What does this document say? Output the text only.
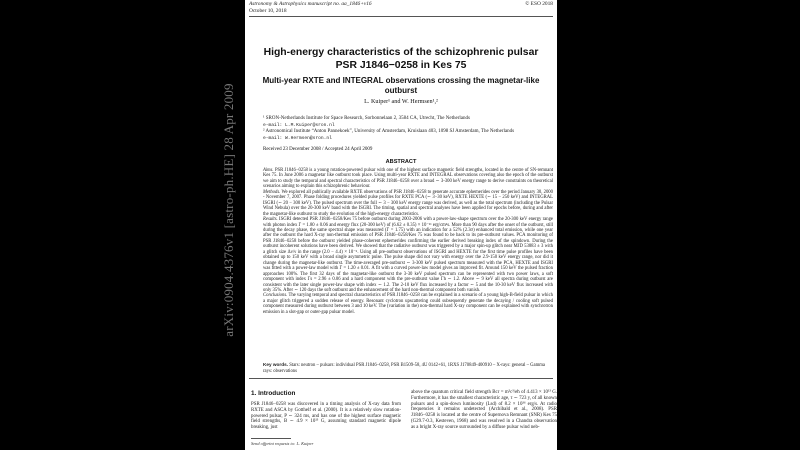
Astronomy & Astrophysics manuscript no. aa_1846+v16
October 10, 2018
© ESO 2018
High-energy characteristics of the schizophrenic pulsar
PSR J1846−0258 in Kes 75
Multi-year RXTE and INTEGRAL observations crossing the magnetar-like outburst
L. Kuiper¹ and W. Hermsen¹,²
¹ SRON-Netherlands Institute for Space Research, Sorbonnelaan 2, 3584 CA, Utrecht, The Netherlands
e-mail: L.M.Kuiper@sron.nl
² Astronomical Institute “Anton Pannekoek”, University of Amsterdam, Kruislaan 403, 1098 SJ Amsterdam, The Netherlands
e-mail: W.Hermsen@sron.nl
Received 23 December 2008 / Accepted 24 April 2009
ABSTRACT

Aims. PSR J1846−0258 is a young rotation-powered pulsar with one of the highest surface magnetic field strengths, located in the centre of SN-remnant Kes 75. In June 2006 a magnetar like outburst took place. Using multi-year RXTE and INTEGRAL observations covering also the epoch of the outburst we aim to study the temporal and spectral characteristics of PSR J1846−0258 over a broad ∼ 3-300 keV energy range to derive constraints on theoretical scenarios aiming to explain this schizophrenic behaviour.

Methods. We explored all publically available RXTE observations of PSR J1846−0258 to generate accurate ephemerides over the period January 30, 2000 - November 7, 2007. Phase folding procedures yielded pulse profiles for RXTE PCA (∼ 3−30 keV), RXTE HEXTE (∼ 15 − 250 keV) and INTEGRAL ISGRI (∼ 20 − 300 keV). The pulsed spectrum over the full ∼ 3 − 300 keV energy range was derived, as well as the total spectrum (including the Pulsar Wind Nebula) over the 20-300 keV band with the ISGRI. The timing, spatial and spectral analyses have been applied for epochs before, during and after the magnetar-like outburst to study the evolution of the high-energy characteristics.

Results. ISGRI detected PSR J1846−0258/Kes 75 before outburst during 2003-2006 with a power-law-shape spectrum over the 20-300 keV energy range with photon index Γ = 1.80 ± 0.06 and energy flux (20-300 keV) of (6.62 ± 0.35) × 10⁻¹¹ erg/cm²s. More than 90 days after the onset of the outburst, still during the decay phase, the same spectral shape was measured (Γ = 1.75) with an indication for a 52% (2.3σ) enhanced total emission, while one year after the outburst the hard X-ray non-thermal emission of PSR J1846−0258/Kes 75 was found to be back to its pre-outburst values. PCA monitoring of PSR J1846−0258 before the outburst yielded phase-coherent ephemerides confirming the earlier derived breaking index of the spindown. During the outburst incoherent solutions have been derived. We showed that the radiative outburst was triggered by a major spin-up glitch near MJD 53883 ± 3 with a glitch size Δν/ν in the range (2.0 − 4.4) × 10⁻⁶. Using all pre-outburst observations of ISGRI and HEXTE for the first time pulse profiles have been obtained up to 150 keV with a broad single asymmetric pulse. The pulse shape did not vary with energy over the 2.9-150 keV energy range, nor did it change during the magnetar-like outburst. The time-averaged pre-outburst ∼ 3-300 keV pulsed spectrum measured with the PCA, HEXTE and ISGRI was fitted with a power-law model with Γ = 1.20 ± 0.01. A fit with a curved power-law model gives an improved fit. Around 150 keV the pulsed fraction approaches 100%. The first 32 days of the magnetar-like outburst the 3-30 keV pulsed spectrum can be represented with two power laws, a soft component with index Γs = 2.96 ± 0.06 and a hard component with the pre-outburst value Γh ∼ 1.2. Above ∼ 9 keV all spectra during outburst are consistent with the later single power-law shape with index ∼ 1.2. The 2-10 keV flux increased by a factor ∼ 5 and the 10-30 keV flux increased with only 35%. After ∼ 120 days the soft outburst and the enhancement of the hard non-thermal component both vanish.

Conclusions. The varying temporal and spectral characteristics of PSR J1846−0258 can be explained in a scenario of a young high-B-field pulsar in which a major glitch triggered a sudden release of energy. Resonant cyclotron upscattering could subsequently generate the decaying / cooling soft pulsed component measured during outburst between 3 and 10 keV. The (variation in the) non-thermal hard X-ray component can be explained with synchrotron emission in a slot-gap or outer-gap pulsar model.

Key words. Stars: neutron – pulsars: individual PSR J1846−0258, PSR B1509-58, 4U 0142+61, 1RXS J170849-400910 – X-rays: general – Gamma rays: observations
1. Introduction
PSR J1846−0258 was discovered in a timing analysis of X-ray data from RXTE and ASCA by Gotthelf et al. (2000). It is a relatively slow rotation-powered pulsar, P ∼ 324 ms, and has one of the highest surface magnetic field strengths, B ∼ 4.9 × 10¹³ G, assuming standard magnetic dipole breaking, just
above the quantum critical field strength Bcr = m²c³/eħ of 4.413 × 10¹³ G. Furthermore, it has the smallest characteristic age, τ ∼ 723 y, of all known pulsars and a spin-down luminosity (Lsd) of 8.2 × 10³⁶ erg/s. At radio frequencies it remains undetected (Archibald et al., 2008). PSR J1846−0258 is located at the centre of Supernova Remnant (SNR) Kes 75 (G29.7-0.3, Kesteven, 1968) and was resolved in a Chandra observation as a bright X-ray source surrounded by a diffuse pulsar wind neb-
Send offprint requests to: L. Kuiper
arXiv:0904.4376v1 [astro-ph.HE] 28 Apr 2009
